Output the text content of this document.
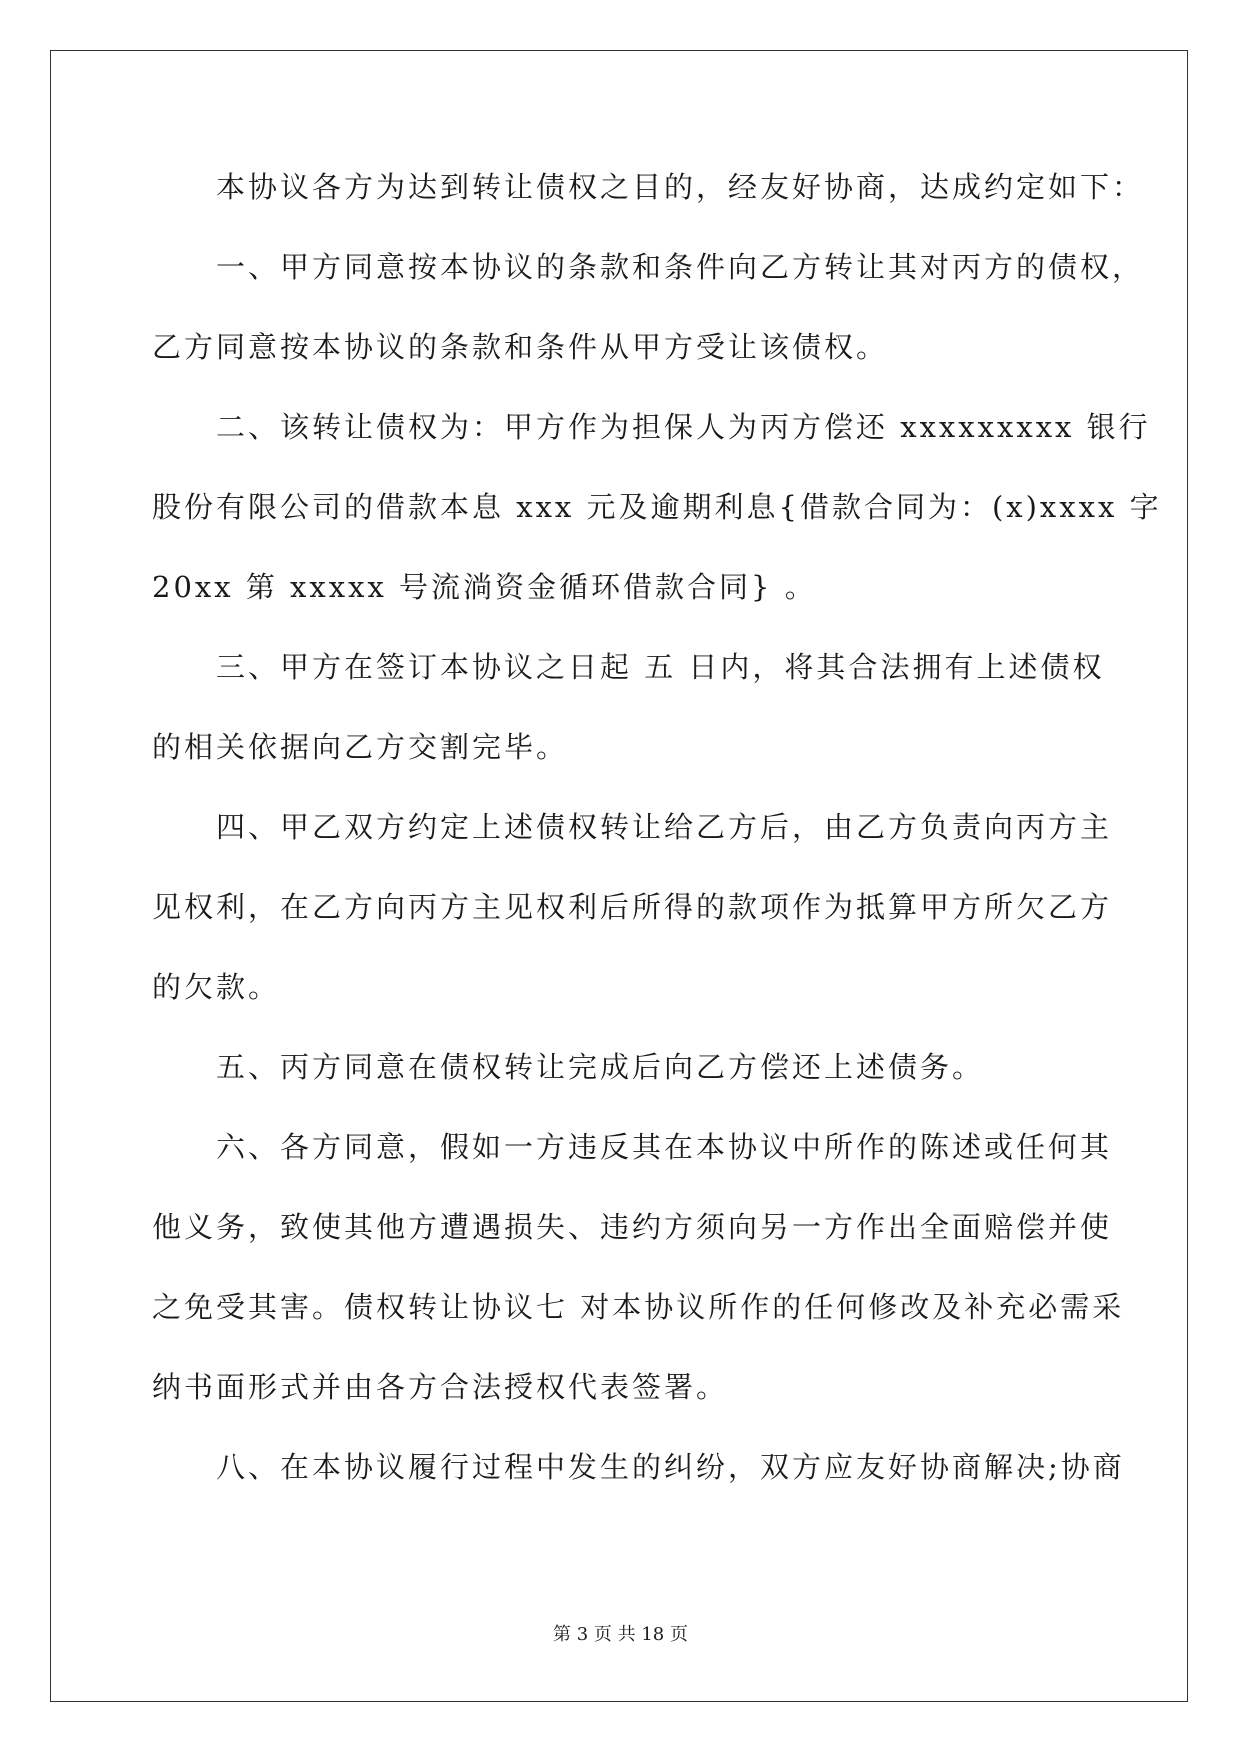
本协议各方为达到转让债权之目的，经友好协商，达成约定如下：
一、甲方同意按本协议的条款和条件向乙方转让其对丙方的债权，
乙方同意按本协议的条款和条件从甲方受让该债权。
二、该转让债权为：甲方作为担保人为丙方偿还 xxxxxxxxx 银行
股份有限公司的借款本息 xxx 元及逾期利息{借款合同为：(x)xxxx 字
20xx 第 xxxxx 号流淌资金循环借款合同} 。
三、甲方在签订本协议之日起 五 日内，将其合法拥有上述债权
的相关依据向乙方交割完毕。
四、甲乙双方约定上述债权转让给乙方后，由乙方负责向丙方主
见权利，在乙方向丙方主见权利后所得的款项作为抵算甲方所欠乙方
的欠款。
五、丙方同意在债权转让完成后向乙方偿还上述债务。
六、各方同意，假如一方违反其在本协议中所作的陈述或任何其
他义务，致使其他方遭遇损失、违约方须向另一方作出全面赔偿并使
之免受其害。债权转让协议七 对本协议所作的任何修改及补充必需采
纳书面形式并由各方合法授权代表签署。
八、在本协议履行过程中发生的纠纷，双方应友好协商解决;协商
第 3 页 共 18 页
